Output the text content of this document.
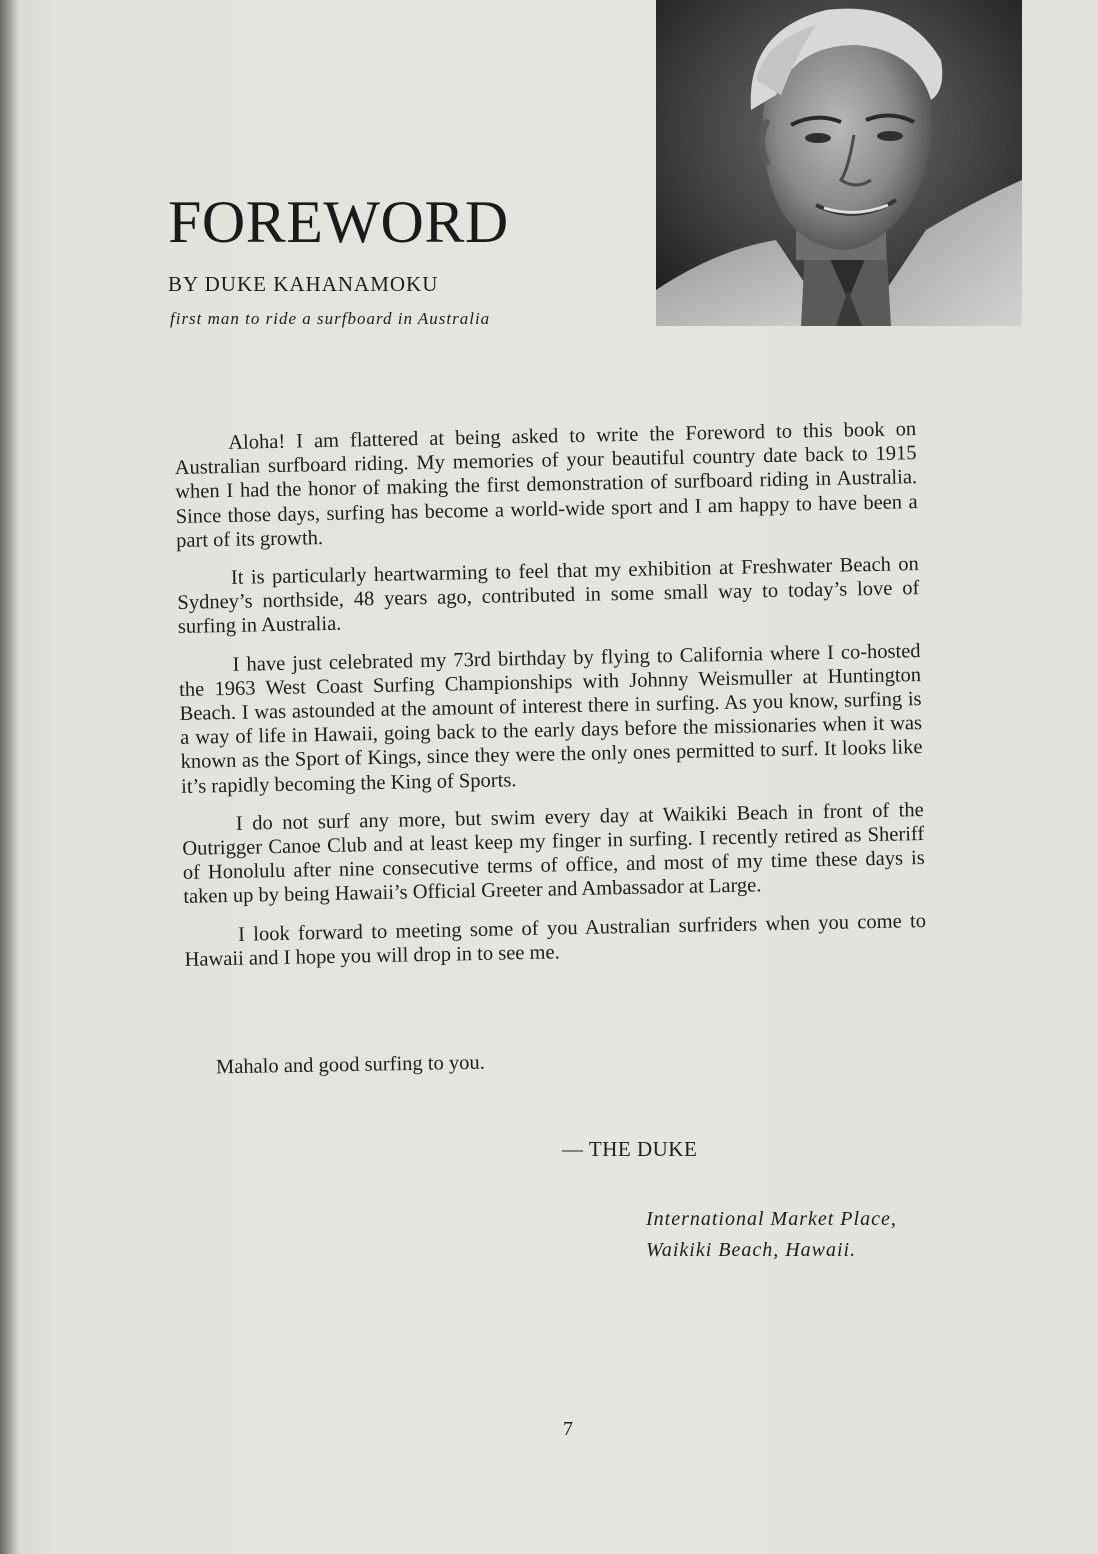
FOREWORD

BY DUKE KAHANAMOKU

first man to ride a surfboard in Australia

Aloha! I am flattered at being asked to write the Foreword to this book on Australian surfboard riding. My memories of your beautiful country date back to 1915 when I had the honor of making the first demonstration of surfboard riding in Australia. Since those days, surfing has become a world-wide sport and I am happy to have been a part of its growth.

It is particularly heartwarming to feel that my exhibition at Freshwater Beach on Sydney’s northside, 48 years ago, contributed in some small way to today’s love of surfing in Australia.

I have just celebrated my 73rd birthday by flying to California where I co-hosted the 1963 West Coast Surfing Championships with Johnny Weismuller at Huntington Beach. I was astounded at the amount of interest there in surfing. As you know, surfing is a way of life in Hawaii, going back to the early days before the missionaries when it was known as the Sport of Kings, since they were the only ones permitted to surf. It looks like it’s rapidly becoming the King of Sports.

I do not surf any more, but swim every day at Waikiki Beach in front of the Outrigger Canoe Club and at least keep my finger in surfing. I recently retired as Sheriff of Honolulu after nine consecutive terms of office, and most of my time these days is taken up by being Hawaii’s Official Greeter and Ambassador at Large.

I look forward to meeting some of you Australian surfriders when you come to Hawaii and I hope you will drop in to see me.

Mahalo and good surfing to you.

— THE DUKE

International Market Place,
Waikiki Beach, Hawaii.

7
